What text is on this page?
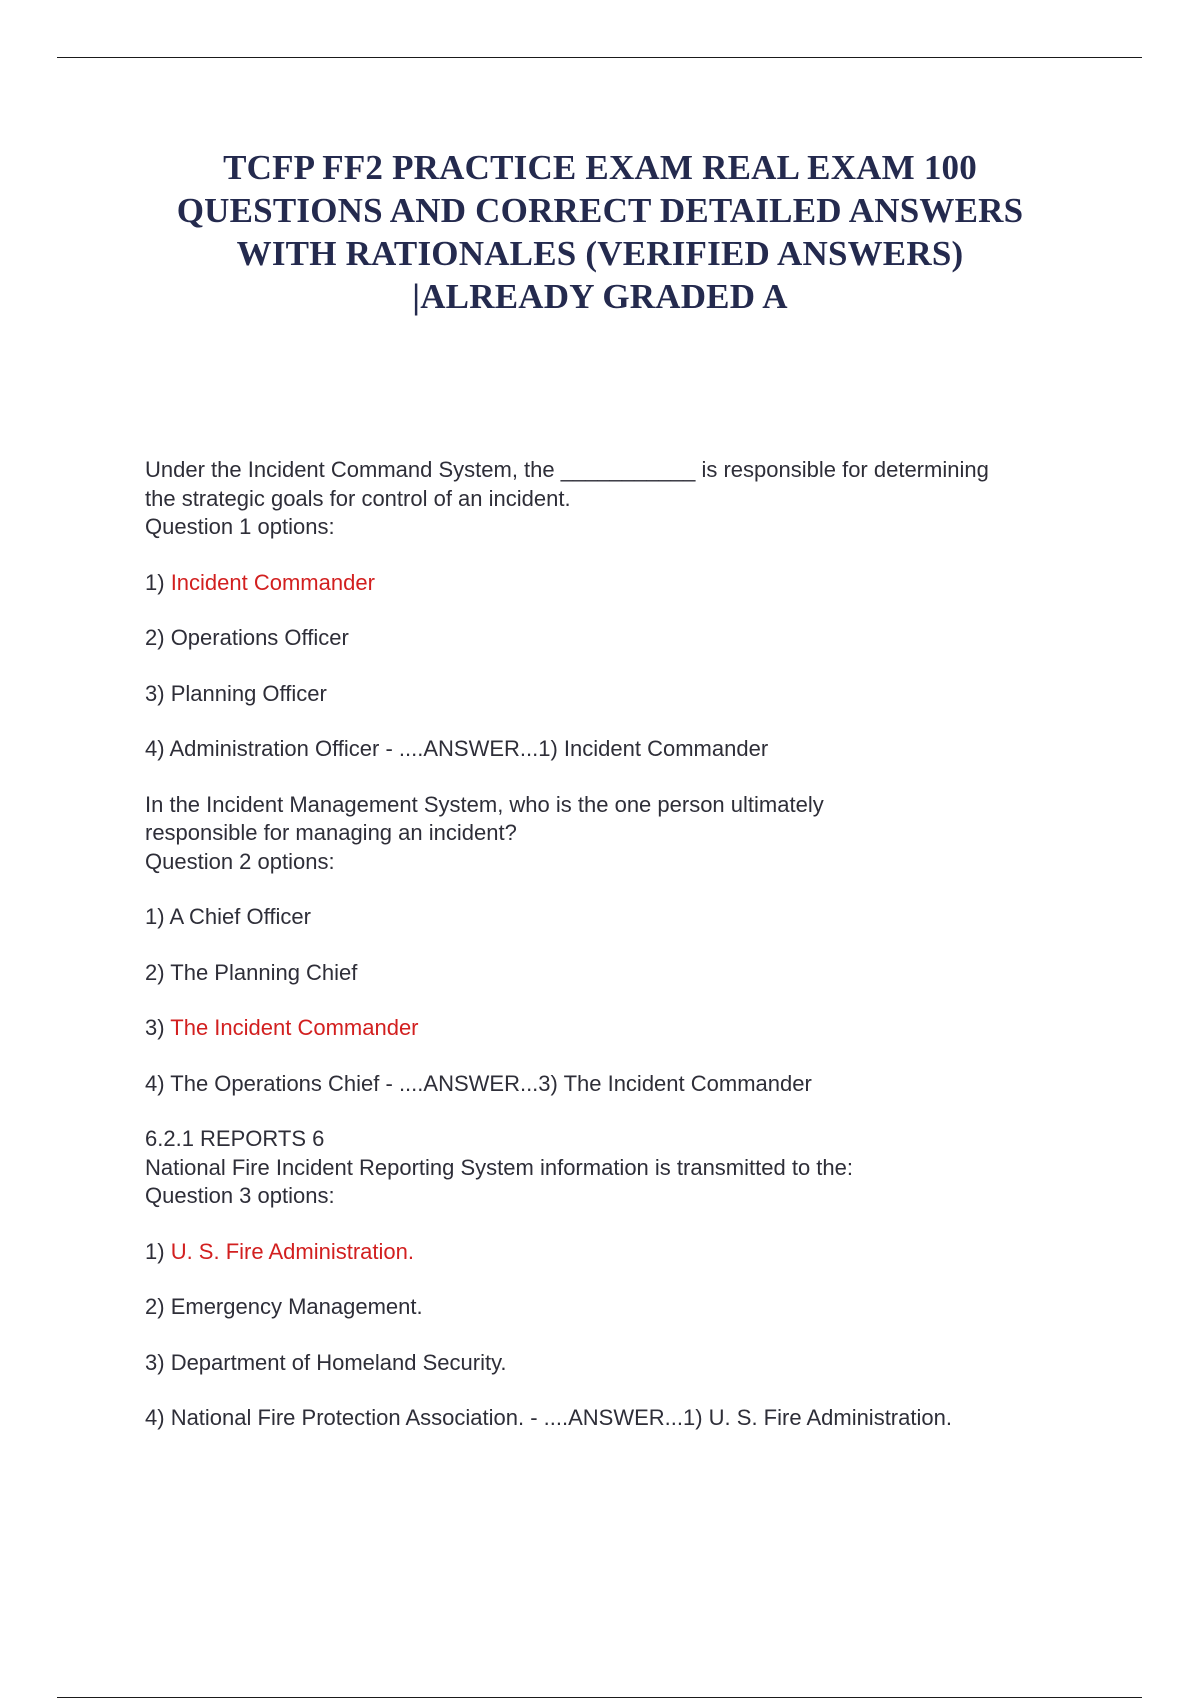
TCFP FF2 PRACTICE EXAM REAL EXAM 100
QUESTIONS AND CORRECT DETAILED ANSWERS
WITH RATIONALES (VERIFIED ANSWERS)
|ALREADY GRADED A
Under the Incident Command System, the ___________ is responsible for determining
the strategic goals for control of an incident.
Question 1 options:
1) Incident Commander
2) Operations Officer
3) Planning Officer
4) Administration Officer - ....ANSWER...1) Incident Commander
In the Incident Management System, who is the one person ultimately
responsible for managing an incident?
Question 2 options:
1) A Chief Officer
2) The Planning Chief
3) The Incident Commander
4) The Operations Chief - ....ANSWER...3) The Incident Commander
6.2.1 REPORTS 6
National Fire Incident Reporting System information is transmitted to the:
Question 3 options:
1) U. S. Fire Administration.
2) Emergency Management.
3) Department of Homeland Security.
4) National Fire Protection Association. - ....ANSWER...1) U. S. Fire Administration.
